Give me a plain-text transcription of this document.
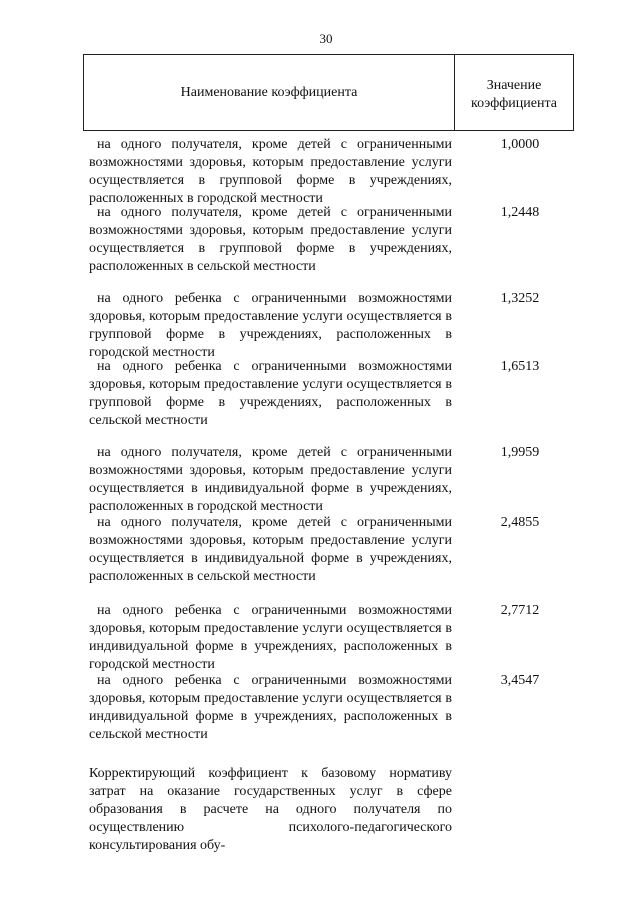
30
Наименование коэффициента	Значение
коэффициента

на одного получателя, кроме детей с ограниченными возможностями здоровья, которым предоставление услуги осуществляется в групповой форме в учреждениях, расположенных в городской местности

1,0000

на одного получателя, кроме детей с ограниченными возможностями здоровья, которым предоставление услуги осуществляется в групповой форме в учреждениях, расположенных в сельской местности

1,2448

на одного ребенка с ограниченными возможностями здоровья, которым предоставление услуги осуществляется в групповой форме в учреждениях, расположенных в городской местности

1,3252

на одного ребенка с ограниченными возможностями здоровья, которым предоставление услуги осуществляется в групповой форме в учреждениях, расположенных в сельской местности

1,6513

на одного получателя, кроме детей с ограниченными возможностями здоровья, которым предоставление услуги осуществляется в индивидуальной форме в учреждениях, расположенных в городской местности

1,9959

на одного получателя, кроме детей с ограниченными возможностями здоровья, которым предоставление услуги осуществляется в индивидуальной форме в учреждениях, расположенных в сельской местности

2,4855

на одного ребенка с ограниченными возможностями здоровья, которым предоставление услуги осуществляется в индивидуальной форме в учреждениях, расположенных в городской местности

2,7712

на одного ребенка с ограниченными возможностями здоровья, которым предоставление услуги осуществляется в индивидуальной форме в учреждениях, расположенных в сельской местности

3,4547

Корректирующий коэффициент к базовому нормативу затрат на оказание государственных услуг в сфере образования в расчете на одного получателя по осуществлению психолого-педагогического консультирования обу-
